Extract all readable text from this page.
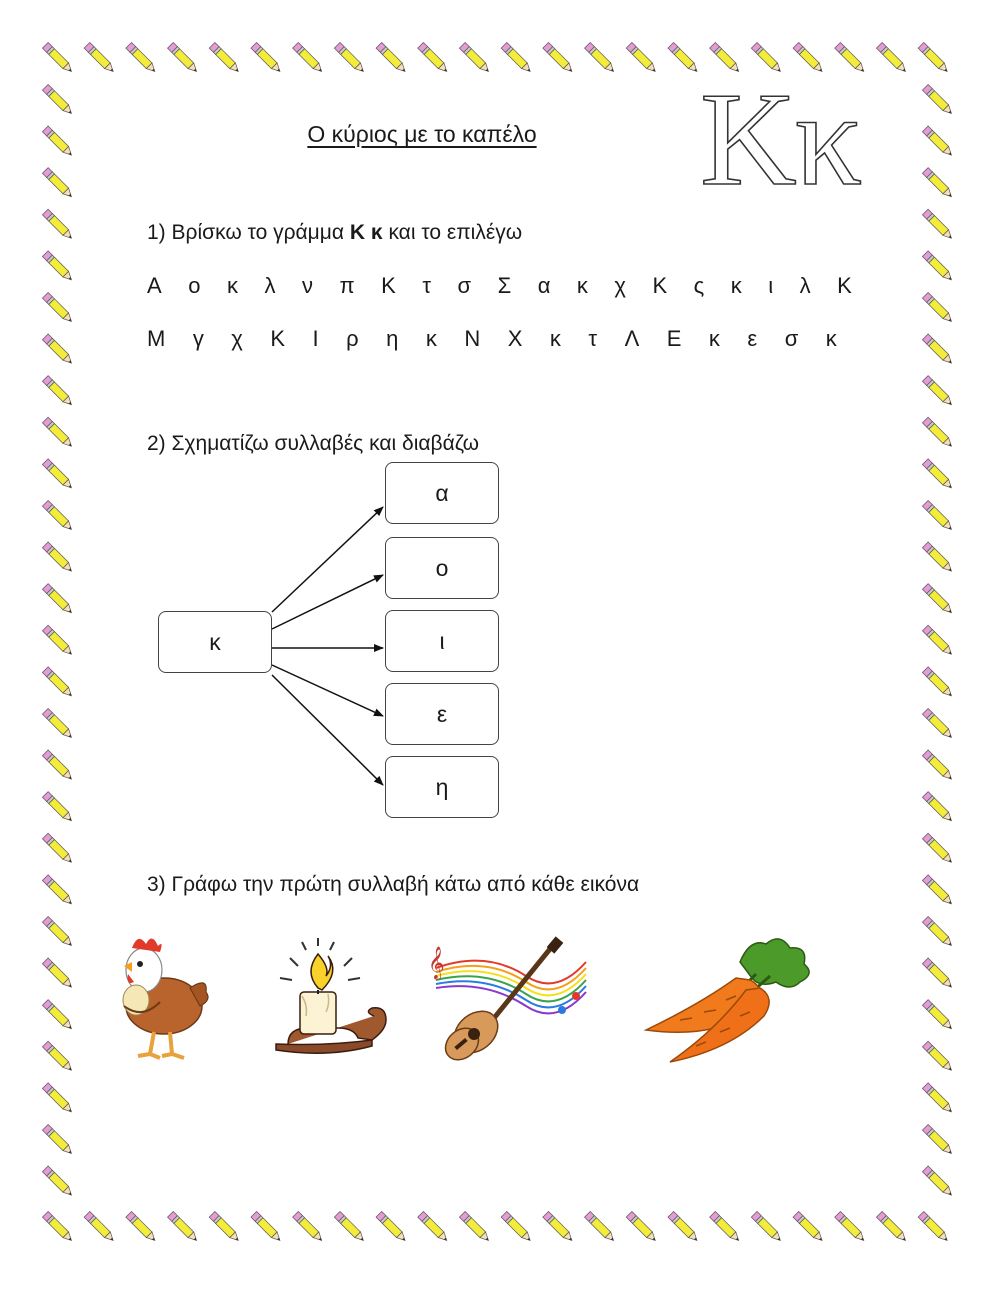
Ο κύριος με το καπέλο	Κκ
1) Βρίσκω το γράμμα Κ κ και το επιλέγω
Α ο κ λ ν π Κ τ σ Σ α κ χ Κ ς κ ι λ Κ
Μ γ χ Κ Ι ρ η κ Ν Χ κ τ Λ Ε κ ε σ κ
2) Σχηματίζω συλλαβές και διαβάζω
κ
α
ο
ι
ε
η
3) Γράφω την πρώτη συλλαβή κάτω από κάθε εικόνα
𝄞
